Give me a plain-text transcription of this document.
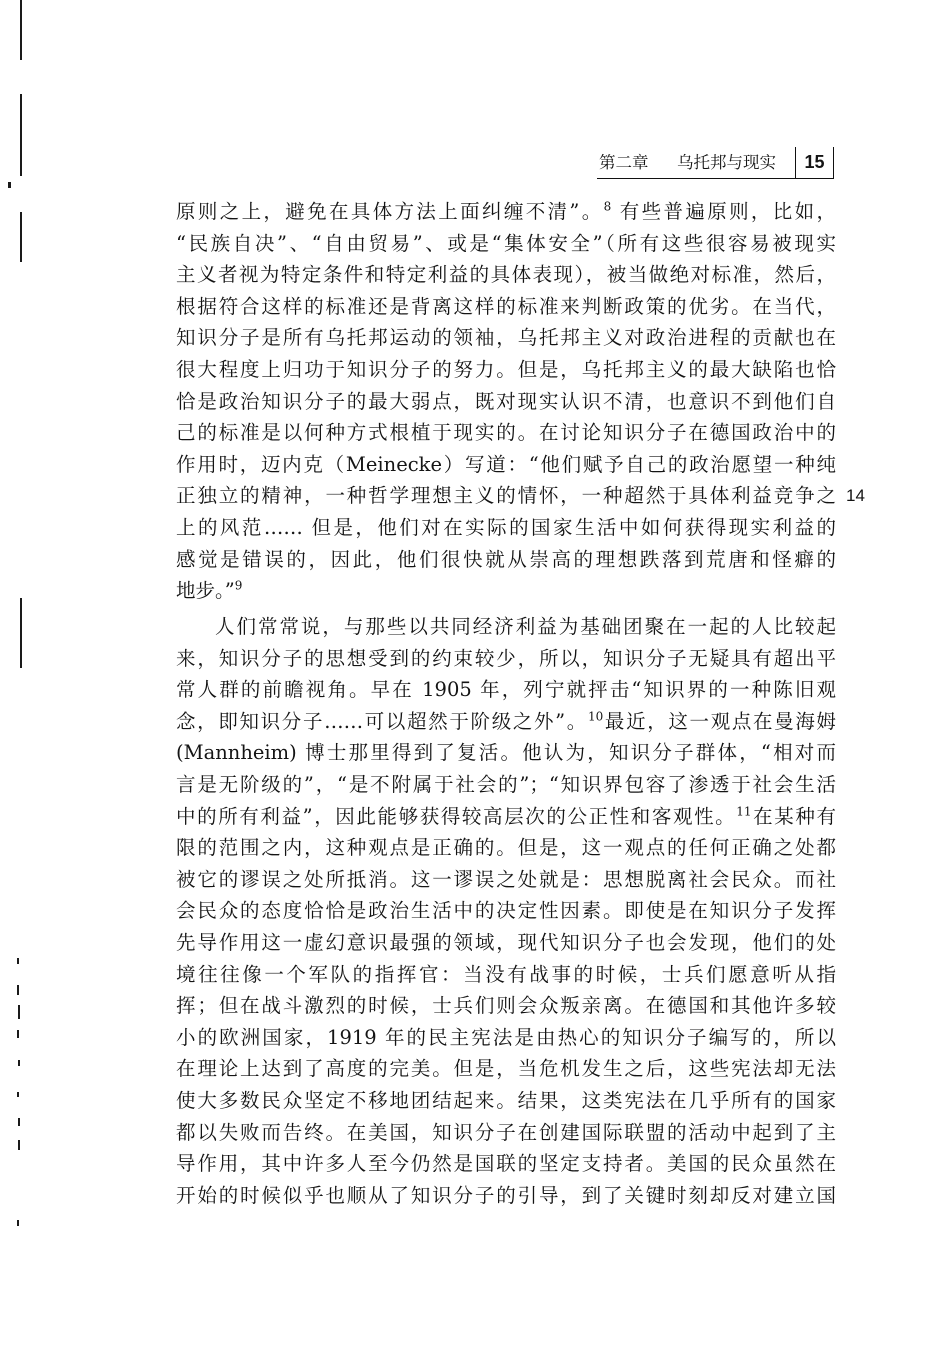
第二章 乌托邦与现实	15
14
原则之上，避免在具体方法上面纠缠不清”。$^8$ 有些普遍原则，比如，
“民族自决”、“自由贸易”、或是“集体安全”（所有这些很容易被现实
主义者视为特定条件和特定利益的具体表现），被当做绝对标准，然后，
根据符合这样的标准还是背离这样的标准来判断政策的优劣。在当代，
知识分子是所有乌托邦运动的领袖，乌托邦主义对政治进程的贡献也在
很大程度上归功于知识分子的努力。但是，乌托邦主义的最大缺陷也恰
恰是政治知识分子的最大弱点，既对现实认识不清，也意识不到他们自
己的标准是以何种方式根植于现实的。在讨论知识分子在德国政治中的
作用时，迈内克（Meinecke）写道：“他们赋予自己的政治愿望一种纯
正独立的精神，一种哲学理想主义的情怀，一种超然于具体利益竞争之
上的风范…… 但是，他们对在实际的国家生活中如何获得现实利益的
感觉是错误的，因此，他们很快就从崇高的理想跌落到荒唐和怪癖的
地步。”$^9$
人们常常说，与那些以共同经济利益为基础团聚在一起的人比较起
来，知识分子的思想受到的约束较少，所以，知识分子无疑具有超出平
常人群的前瞻视角。早在 1905 年，列宁就抨击“知识界的一种陈旧观
念，即知识分子……可以超然于阶级之外”。$^{10}$最近，这一观点在曼海姆
(Mannheim) 博士那里得到了复活。他认为，知识分子群体，“相对而
言是无阶级的”，“是不附属于社会的”；“知识界包容了渗透于社会生活
中的所有利益”，因此能够获得较高层次的公正性和客观性。$^{11}$在某种有
限的范围之内，这种观点是正确的。但是，这一观点的任何正确之处都
被它的谬误之处所抵消。这一谬误之处就是：思想脱离社会民众。而社
会民众的态度恰恰是政治生活中的决定性因素。即使是在知识分子发挥
先导作用这一虚幻意识最强的领域，现代知识分子也会发现，他们的处
境往往像一个军队的指挥官：当没有战事的时候，士兵们愿意听从指
挥；但在战斗激烈的时候，士兵们则会众叛亲离。在德国和其他许多较
小的欧洲国家，1919 年的民主宪法是由热心的知识分子编写的，所以
在理论上达到了高度的完美。但是，当危机发生之后，这些宪法却无法
使大多数民众坚定不移地团结起来。结果，这类宪法在几乎所有的国家
都以失败而告终。在美国，知识分子在创建国际联盟的活动中起到了主
导作用，其中许多人至今仍然是国联的坚定支持者。美国的民众虽然在
开始的时候似乎也顺从了知识分子的引导，到了关键时刻却反对建立国
